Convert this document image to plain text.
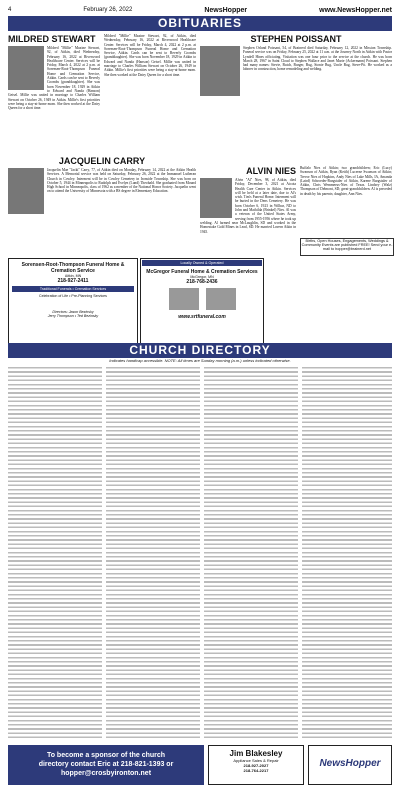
4	February 26, 2022	NewsHopper	www.NewsHopper.net
OBITUARIES
MILDRED STEWART
Mildred "Millie" Maxine Stewart, 92, of Aitkin, died Wednesday, February 16, 2022 at Riverwood Healthcare Center. Services will be Friday, March 4, 2022 at 2 p.m. at Sorensen-Root-Thompson Funeral Home and Cremation Service, Aitkin. Cards can be sent to Beverly Coombs (granddaughter). She was born November 18, 1929 in Aitkin to Edward and Nanda (Hanson) Geisel. Millie was united in marriage to Charles William Stewart on October 26, 1949 in Aitkin. Millie's first priorities were being a stay-at-home mom. She then worked at the Dairy Queen for a short time.
Mildred "Millie" Maxine Stewart, 92, of Aitkin, died Wednesday, February 16, 2022 at Riverwood Healthcare Center. Services will be Friday, March 4, 2022 at 2 p.m. at Sorensen-Root-Thompson Funeral Home and Cremation Service, Aitkin. Cards can be sent to Beverly Coombs (granddaughter). She was born November 18, 1929 in Aitkin to Edward and Nanda (Hanson) Geisel. Millie was united in marriage to Charles William Stewart on October 26, 1949 in Aitkin. Millie's first priorities were being a stay-at-home mom. She then worked at the Dairy Queen for a short time.
JACQUELIN CARRY
Jacquelin Mae "Jacki" Carry, 77, of Aitkin died on Monday, February 14, 2022 at the Aitkin Health Services. A Memorial service was held on Saturday, February 26, 2022 at the Immanuel Lutheran Church in Cowley. Interment will be in Cowley Cemetery in Ironside Township. She was born on October 5, 1944 in Minneapolis to Rudolph and Evelyn (Lund) Theobald. She graduated from Mound High School in Minneapolis, class of 1962 as a member of the National Honor Society. Jacquelin went on to attend the University of Minnesota with a BS degree in Elementary Education.
STEPHEN POISSANT
Stephen Orlund Poissant, 54, of Brainerd died Saturday, February 12, 2022 in Mission Township. Funeral service was on Friday, February 25, 2022 at 11 a.m. at the Journey North in Aitkin with Pastor Lyndell Hines officiating. Visitation was one hour prior to the service at the church. He was born March 28, 1967 in Saint Cloud to Stephen Wallace and Janet Marie (Ackermann) Poissant. Stephen had many names: Stevie, Butch, Burger, Bug, Stonie Bug, Uncle Bug, Steve-Pit. He worked as a laborer in construction, home remodeling and welding.
ALVIN NIES
Alvin "Al" Nies, 98, of Aitkin, died Friday, December 3, 2021 at Aicota Health Care Center in Aitkin. Services will be held at a later date, due to Al's wish. Tim's Funeral Home. Interment will be buried in the Dens Cemetery. He was born October 6, 1923 in Wilbur, ND to John and Mathilda (Brinkel) Nies. Al was a veteran of the United States Army, serving from 1955-1956 where he took up welding. Al farmed near McLaughlin, SD and worked in the Homestake Gold Mines in Lead, SD. He married Lavern Aikin in 1945.
Buffalo Nies of Aitkin; two grandchildren; Eric (Lucy) Swanson of Aitkin, Ryan (Keith) Lucerne Swanson of Aitkin; Trevor Nies of Hopkins, Andy Nies of Lake Mills, IA, Amanda (Laird) Schroeder-Burgstaler of Aitkin, Karene Burgstaler of Aitkin, Chris Wemmerus-Nies of Texas. Lindsey (Walz) Thompson of Delmont, SD; great-grandchildren. Al is preceded in death by his parents; daughter, Ann Nies.
Births, Open Houses, Engagements, Weddings & Community Events are published FREE! Send your e-mail to hopper@brainerd.net
Sorensen-Root-Thompson Funeral Home & Cremation Service
Aitkin, MN
218-927-2411
Traditional Funerals • Cremation Services
Celebration of Life • Pre-Planning Services
Directors: Jason Bezinsky
Jerry Thompson • Ted Bezinsky
Locally Owned & Operated
McGregor Funeral Home & Cremation Services
McGregor, MN
218-768-2436

www.srtfuneral.com
CHURCH DIRECTORY
Indicates handicap accessible. NOTE: All times are Sunday morning (a.m.) unless indicated otherwise.
To become a sponsor of the church
directory contact Eric at 218-821-1393 or
hopper@crosbyironton.net
Jim Blakesley
Appliance Sales & Repair
218-927-2027
218-764-2217
NewsHopper
